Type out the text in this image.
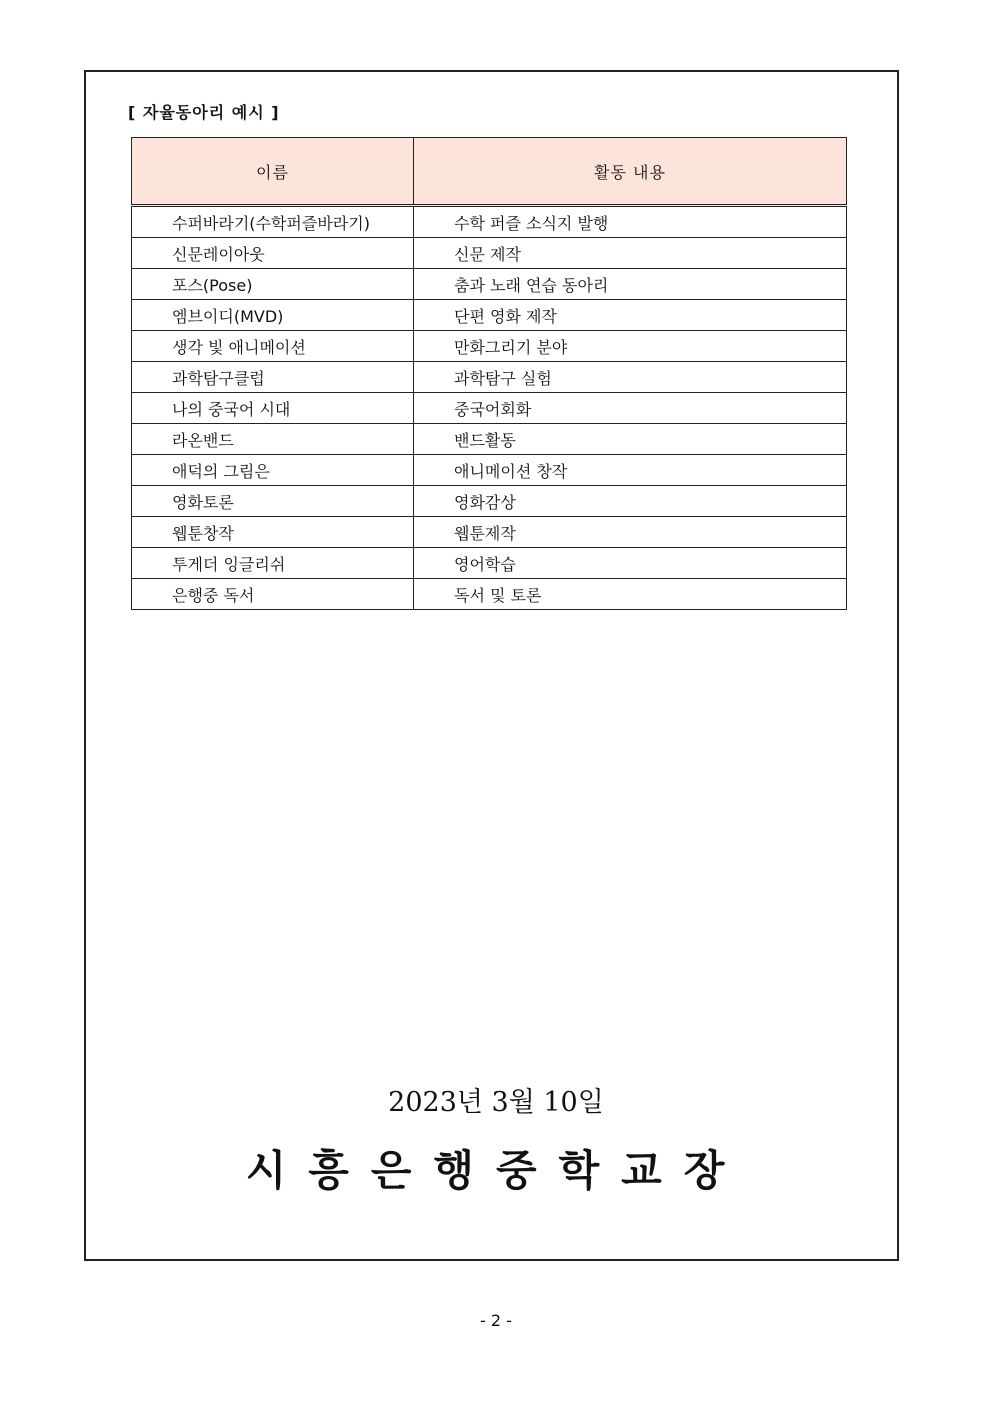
[ 자율동아리 예시 ]
이름	활동 내용
수퍼바라기(수학퍼즐바라기)	수학 퍼즐 소식지 발행
신문레이아웃	신문 제작
포스(Pose)	춤과 노래 연습 동아리
엠브이디(MVD)	단편 영화 제작
생각 빛 애니메이션	만화그리기 분야
과학탐구클럽	과학탐구 실험
나의 중국어 시대	중국어회화
라온밴드	밴드활동
애덕의 그림은	애니메이션 창작
영화토론	영화감상
웹툰창작	웹툰제작
투게더 잉글리쉬	영어학습
은행중 독서	독서 및 토론
2023년 3월 10일
시흥은행중학교장
- 2 -
